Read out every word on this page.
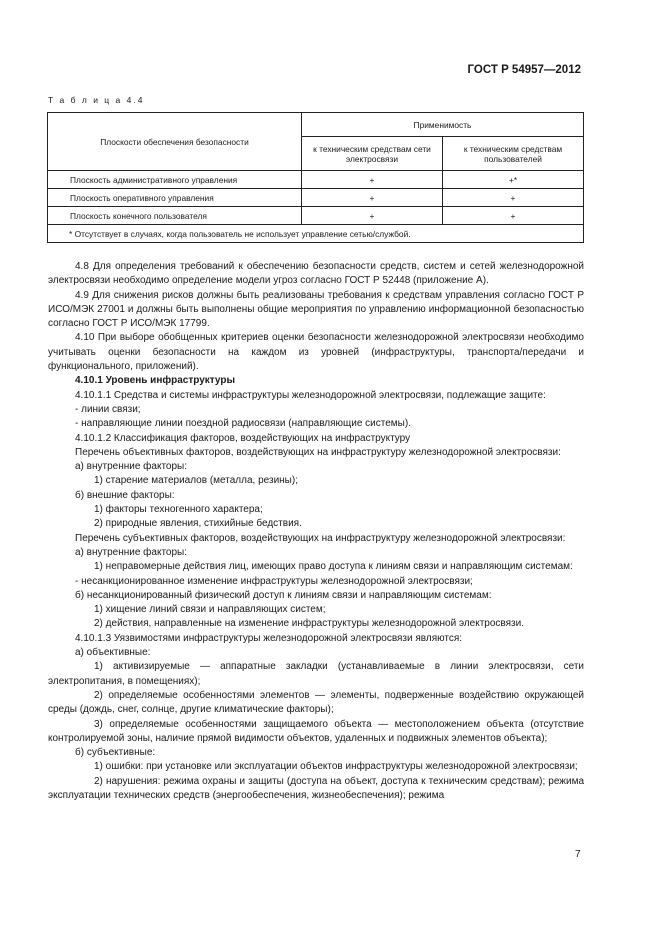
ГОСТ Р 54957—2012
Т а б л и ц а 4.4
Плоскости обеспечения безопасности	Применимость	
	к техническим средствам сети электросвязи	к техническим средствам пользователей
Плоскость административного управления	+	+*
Плоскость оперативного управления	+	+
Плоскость конечного пользователя	+	+
* Отсутствует в случаях, когда пользователь не использует управление сетью/службой.		

4.8 Для определения требований к обеспечению безопасности средств, систем и сетей железнодорожной электросвязи необходимо определение модели угроз согласно ГОСТ Р 52448 (приложение А).

4.9 Для снижения рисков должны быть реализованы требования к средствам управления согласно ГОСТ Р ИСО/МЭК 27001 и должны быть выполнены общие мероприятия по управлению информационной безопасностью согласно ГОСТ Р ИСО/МЭК 17799.

4.10 При выборе обобщенных критериев оценки безопасности железнодорожной электросвязи необходимо учитывать оценки безопасности на каждом из уровней (инфраструктуры, транспорта/передачи и функционального, приложений).

4.10.1 Уровень инфраструктуры

4.10.1.1 Средства и системы инфраструктуры железнодорожной электросвязи, подлежащие защите:

- линии связи;

- направляющие линии поездной радиосвязи (направляющие системы).

4.10.1.2 Классификация факторов, воздействующих на инфраструктуру

Перечень объективных факторов, воздействующих на инфраструктуру железнодорожной электросвязи:

а) внутренние факторы:

1) старение материалов (металла, резины);

б) внешние факторы:

1) факторы техногенного характера;

2) природные явления, стихийные бедствия.

Перечень субъективных факторов, воздействующих на инфраструктуру железнодорожной электросвязи:

а) внутренние факторы:

1) неправомерные действия лиц, имеющих право доступа к линиям связи и направляющим системам:

- несанкционированное изменение инфраструктуры железнодорожной электросвязи;

б) несанкционированный физический доступ к линиям связи и направляющим системам:

1) хищение линий связи и направляющих систем;

2) действия, направленные на изменение инфраструктуры железнодорожной электросвязи.

4.10.1.3 Уязвимостями инфраструктуры железнодорожной электросвязи являются:

а) объективные:

1) активизируемые — аппаратные закладки (устанавливаемые в линии электросвязи, сети электропитания, в помещениях);

2) определяемые особенностями элементов — элементы, подверженные воздействию окружающей среды (дождь, снег, солнце, другие климатические факторы);

3) определяемые особенностями защищаемого объекта — местоположением объекта (отсутствие контролируемой зоны, наличие прямой видимости объектов, удаленных и подвижных элементов объекта);

б) субъективные:

1) ошибки: при установке или эксплуатации объектов инфраструктуры железнодорожной электросвязи;

2) нарушения: режима охраны и защиты (доступа на объект, доступа к техническим средствам); режима эксплуатации технических средств (энергообеспечения, жизнеобеспечения); режима

7
